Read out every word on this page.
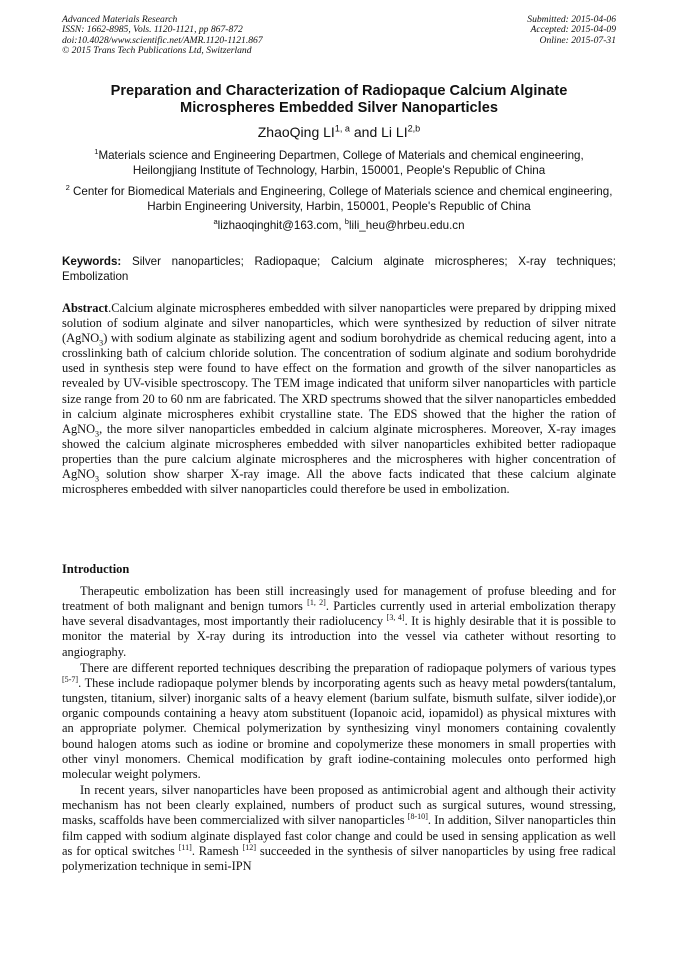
Advanced Materials Research
ISSN: 1662-8985, Vols. 1120-1121, pp 867-872
doi:10.4028/www.scientific.net/AMR.1120-1121.867
© 2015 Trans Tech Publications Ltd, Switzerland
Submitted: 2015-04-06
Accepted: 2015-04-09
Online: 2015-07-31
Preparation and Characterization of Radiopaque Calcium Alginate
Microspheres Embedded Silver Nanoparticles
ZhaoQing LI$^{1, a}$ and Li LI$^{2,b}$
$^1$Materials science and Engineering Departmen, College of Materials and chemical engineering, Heilongjiang Institute of Technology, Harbin, 150001, People's Republic of China
$^2$ Center for Biomedical Materials and Engineering, College of Materials science and chemical engineering, Harbin Engineering University, Harbin, 150001, People's Republic of China
$^a$lizhaoqinghit@163.com, $^b$lili_heu@hrbeu.edu.cn
Keywords: Silver nanoparticles; Radiopaque; Calcium alginate microspheres; X-ray techniques; Embolization
Abstract.Calcium alginate microspheres embedded with silver nanoparticles were prepared by dripping mixed solution of sodium alginate and silver nanoparticles, which were synthesized by reduction of silver nitrate (AgNO$_3$) with sodium alginate as stabilizing agent and sodium borohydride as chemical reducing agent, into a crosslinking bath of calcium chloride solution. The concentration of sodium alginate and sodium borohydride used in synthesis step were found to have effect on the formation and growth of the silver nanoparticles as revealed by UV-visible spectroscopy. The TEM image indicated that uniform silver nanoparticles with particle size range from 20 to 60 nm are fabricated. The XRD spectrums showed that the silver nanoparticles embedded in calcium alginate microspheres exhibit crystalline state. The EDS showed that the higher the ration of AgNO$_3$, the more silver nanoparticles embedded in calcium alginate microspheres. Moreover, X-ray images showed the calcium alginate microspheres embedded with silver nanoparticles exhibited better radiopaque properties than the pure calcium alginate microspheres and the microspheres with higher concentration of AgNO$_3$ solution show sharper X-ray image. All the above facts indicated that these calcium alginate microspheres embedded with silver nanoparticles could therefore be used in embolization.
Introduction

Therapeutic embolization has been still increasingly used for management of profuse bleeding and for treatment of both malignant and benign tumors [1, 2]. Particles currently used in arterial embolization therapy have several disadvantages, most importantly their radiolucency [3, 4]. It is highly desirable that it is possible to monitor the material by X-ray during its introduction into the vessel via catheter without resorting to angiography.

There are different reported techniques describing the preparation of radiopaque polymers of various types [5-7]. These include radiopaque polymer blends by incorporating agents such as heavy metal powders(tantalum, tungsten, titanium, silver) inorganic salts of a heavy element (barium sulfate, bismuth sulfate, silver iodide),or organic compounds containing a heavy atom substituent (Iopanoic acid, iopamidol) as physical mixtures with an appropriate polymer. Chemical polymerization by synthesizing vinyl monomers containing covalently bound halogen atoms such as iodine or bromine and copolymerize these monomers in small properties with other vinyl monomers. Chemical modification by graft iodine-containing molecules onto performed high molecular weight polymers.

In recent years, silver nanoparticles have been proposed as antimicrobial agent and although their activity mechanism has not been clearly explained, numbers of product such as surgical sutures, wound stressing, masks, scaffolds have been commercialized with silver nanoparticles [8-10]. In addition, Silver nanoparticles thin film capped with sodium alginate displayed fast color change and could be used in sensing application as well as for optical switches [11]. Ramesh [12] succeeded in the synthesis of silver nanoparticles by using free radical polymerization technique in semi-IPN
